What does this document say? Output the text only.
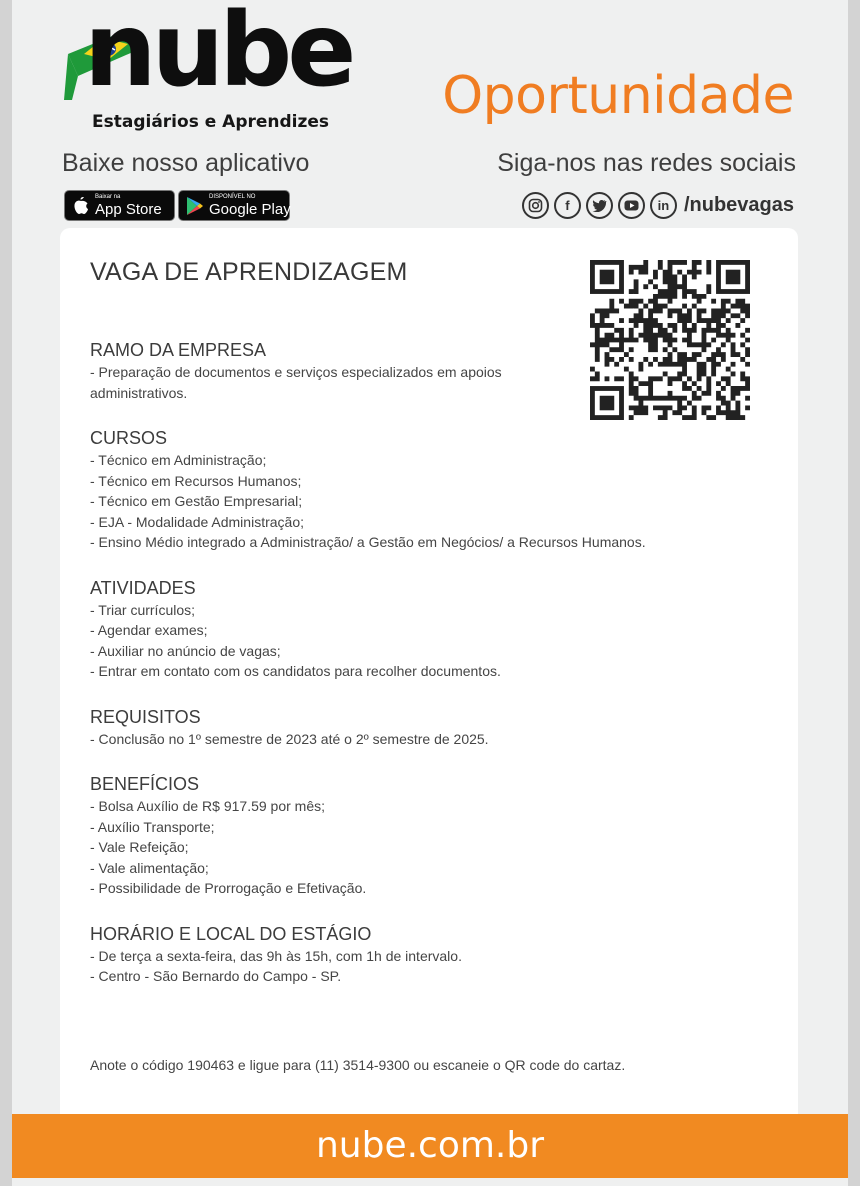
nube
Estagiários e Aprendizes Oportunidade
Baixe nosso aplicativo	Siga-nos nas redes sociais
Baixar na
App Store
DISPONÍVEL NO
Google Play	f	in /nubevagas
VAGA DE APRENDIZAGEM
RAMO DA EMPRESA
- Preparação de documentos e serviços especializados em apoios administrativos.
CURSOS
- Técnico em Administração;
- Técnico em Recursos Humanos;
- Técnico em Gestão Empresarial;
- EJA - Modalidade Administração;
- Ensino Médio integrado a Administração/ a Gestão em Negócios/ a Recursos Humanos.
ATIVIDADES
- Triar currículos;
- Agendar exames;
- Auxiliar no anúncio de vagas;
- Entrar em contato com os candidatos para recolher documentos.
REQUISITOS
- Conclusão no 1º semestre de 2023 até o 2º semestre de 2025.
BENEFÍCIOS
- Bolsa Auxílio de R$ 917.59 por mês;
- Auxílio Transporte;
- Vale Refeição;
- Vale alimentação;
- Possibilidade de Prorrogação e Efetivação.
HORÁRIO E LOCAL DO ESTÁGIO
- De terça a sexta-feira, das 9h às 15h, com 1h de intervalo.
- Centro - São Bernardo do Campo - SP.
Anote o código 190463 e ligue para (11) 3514-9300 ou escaneie o QR code do cartaz.
nube.com.br
